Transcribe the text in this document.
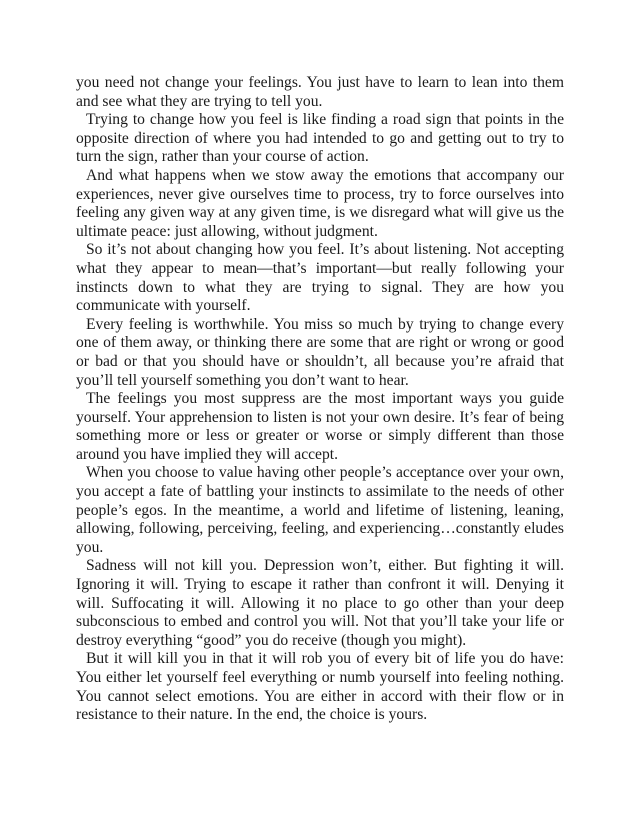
you need not change your feelings. You just have to learn to lean into them and see what they are trying to tell you.

Trying to change how you feel is like finding a road sign that points in the opposite direction of where you had intended to go and getting out to try to turn the sign, rather than your course of action.

And what happens when we stow away the emotions that accompany our experiences, never give ourselves time to process, try to force ourselves into feeling any given way at any given time, is we disregard what will give us the ultimate peace: just allowing, without judgment.

So it’s not about changing how you feel. It’s about listening. Not accepting what they appear to mean—that’s important—but really following your instincts down to what they are trying to signal. They are how you communicate with yourself.

Every feeling is worthwhile. You miss so much by trying to change every one of them away, or thinking there are some that are right or wrong or good or bad or that you should have or shouldn’t, all because you’re afraid that you’ll tell yourself something you don’t want to hear.

The feelings you most suppress are the most important ways you guide yourself. Your apprehension to listen is not your own desire. It’s fear of being something more or less or greater or worse or simply different than those around you have implied they will accept.

When you choose to value having other people’s acceptance over your own, you accept a fate of battling your instincts to assimilate to the needs of other people’s egos. In the meantime, a world and lifetime of listening, leaning, allowing, following, perceiving, feeling, and experiencing…constantly eludes you.

Sadness will not kill you. Depression won’t, either. But fighting it will. Ignoring it will. Trying to escape it rather than confront it will. Denying it will. Suffocating it will. Allowing it no place to go other than your deep subconscious to embed and control you will. Not that you’ll take your life or destroy everything “good” you do receive (though you might).

But it will kill you in that it will rob you of every bit of life you do have: You either let yourself feel everything or numb yourself into feeling nothing. You cannot select emotions. You are either in accord with their flow or in resistance to their nature. In the end, the choice is yours.
